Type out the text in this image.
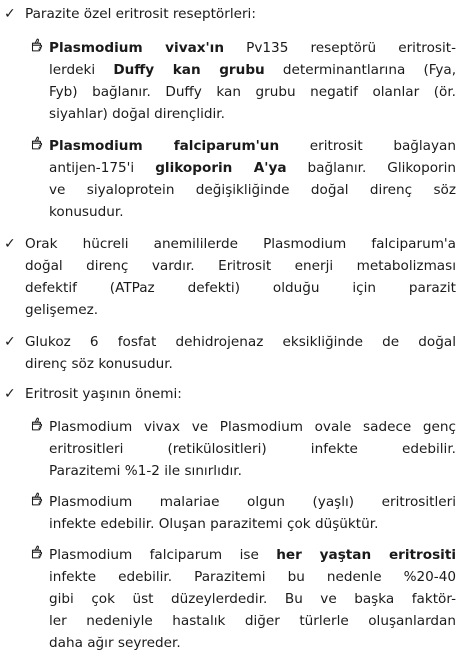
✓ Parazite özel eritrosit reseptörleri:
Plasmodium vivax'ın Pv135 reseptörü eritrosit-
lerdeki Duffy kan grubu determinantlarına (Fya,
Fyb) bağlanır. Duffy kan grubu negatif olanlar (ör.
siyahlar) doğal dirençlidir.
Plasmodium falciparum'un eritrosit bağlayan
antijen-175'i glikoporin A'ya bağlanır. Glikoporin
ve siyaloprotein değişikliğinde doğal direnç söz
konusudur.
✓ Orak hücreli anemililerde Plasmodium falciparum'a
doğal direnç vardır. Eritrosit enerji metabolizması
defektif (ATPaz defekti) olduğu için parazit
gelişemez.
✓ Glukoz 6 fosfat dehidrojenaz eksikliğinde de doğal
direnç söz konusudur.
✓ Eritrosit yaşının önemi:
Plasmodium vivax ve Plasmodium ovale sadece genç
eritrositleri (retikülositleri) infekte edebilir.
Parazitemi %1-2 ile sınırlıdır.
Plasmodium malariae olgun (yaşlı) eritrositleri
infekte edebilir. Oluşan parazitemi çok düşüktür.
Plasmodium falciparum ise her yaştan eritrositi
infekte edebilir. Parazitemi bu nedenle %20-40
gibi çok üst düzeylerdedir. Bu ve başka faktör-
ler nedeniyle hastalık diğer türlerle oluşanlardan
daha ağır seyreder.
